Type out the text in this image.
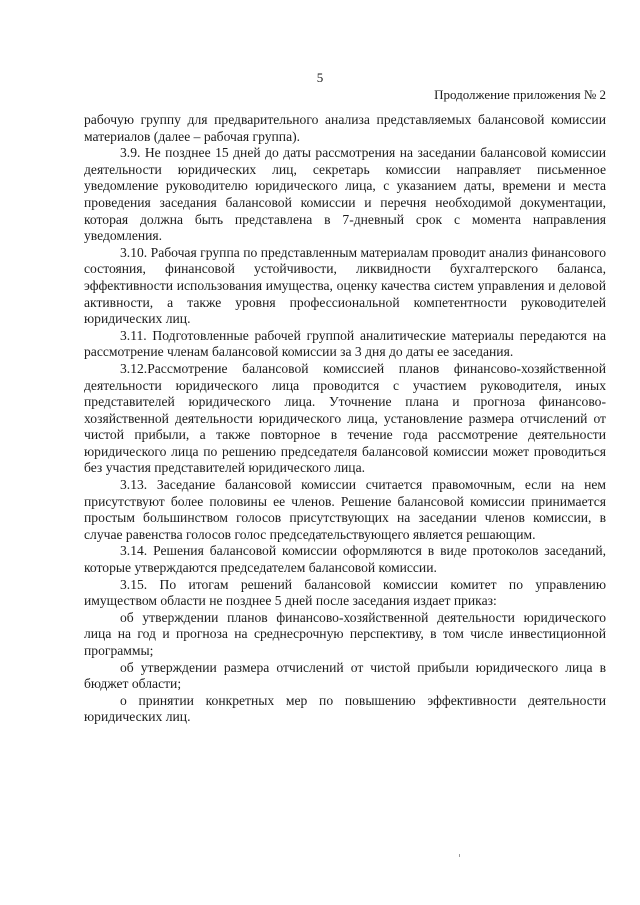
5
Продолжение приложения № 2

рабочую группу для предварительного анализа представляемых балансовой комиссии материалов (далее – рабочая группа).

3.9. Не позднее 15 дней до даты рассмотрения на заседании балансовой комиссии деятельности юридических лиц, секретарь комиссии направляет письменное уведомление руководителю юридического лица, с указанием даты, времени и места проведения заседания балансовой комиссии и перечня необходимой документации, которая должна быть представлена в 7-дневный срок с момента направления уведомления.

3.10. Рабочая группа по представленным материалам проводит анализ финансового состояния, финансовой устойчивости, ликвидности бухгалтерского баланса, эффективности использования имущества, оценку качества систем управления и деловой активности, а также уровня профессиональной компетентности руководителей юридических лиц.

3.11. Подготовленные рабочей группой аналитические материалы передаются на рассмотрение членам балансовой комиссии за 3 дня до даты ее заседания.

3.12.Рассмотрение балансовой комиссией планов финансово-хозяйственной деятельности юридического лица проводится с участием руководителя, иных представителей юридического лица. Уточнение плана и прогноза финансово-хозяйственной деятельности юридического лица, установление размера отчислений от чистой прибыли, а также повторное в течение года рассмотрение деятельности юридического лица по решению председателя балансовой комиссии может проводиться без участия представителей юридического лица.

3.13. Заседание балансовой комиссии считается правомочным, если на нем присутствуют более половины ее членов. Решение балансовой комиссии принимается простым большинством голосов присутствующих на заседании членов комиссии, в случае равенства голосов голос председательствующего является решающим.

3.14. Решения балансовой комиссии оформляются в виде протоколов заседаний, которые утверждаются председателем балансовой комиссии.

3.15. По итогам решений балансовой комиссии комитет по управлению имуществом области не позднее 5 дней после заседания издает приказ:

об утверждении планов финансово-хозяйственной деятельности юридического лица на год и прогноза на среднесрочную перспективу, в том числе инвестиционной программы;

об утверждении размера отчислений от чистой прибыли юридического лица в бюджет области;

о принятии конкретных мер по повышению эффективности деятельности юридических лиц.
